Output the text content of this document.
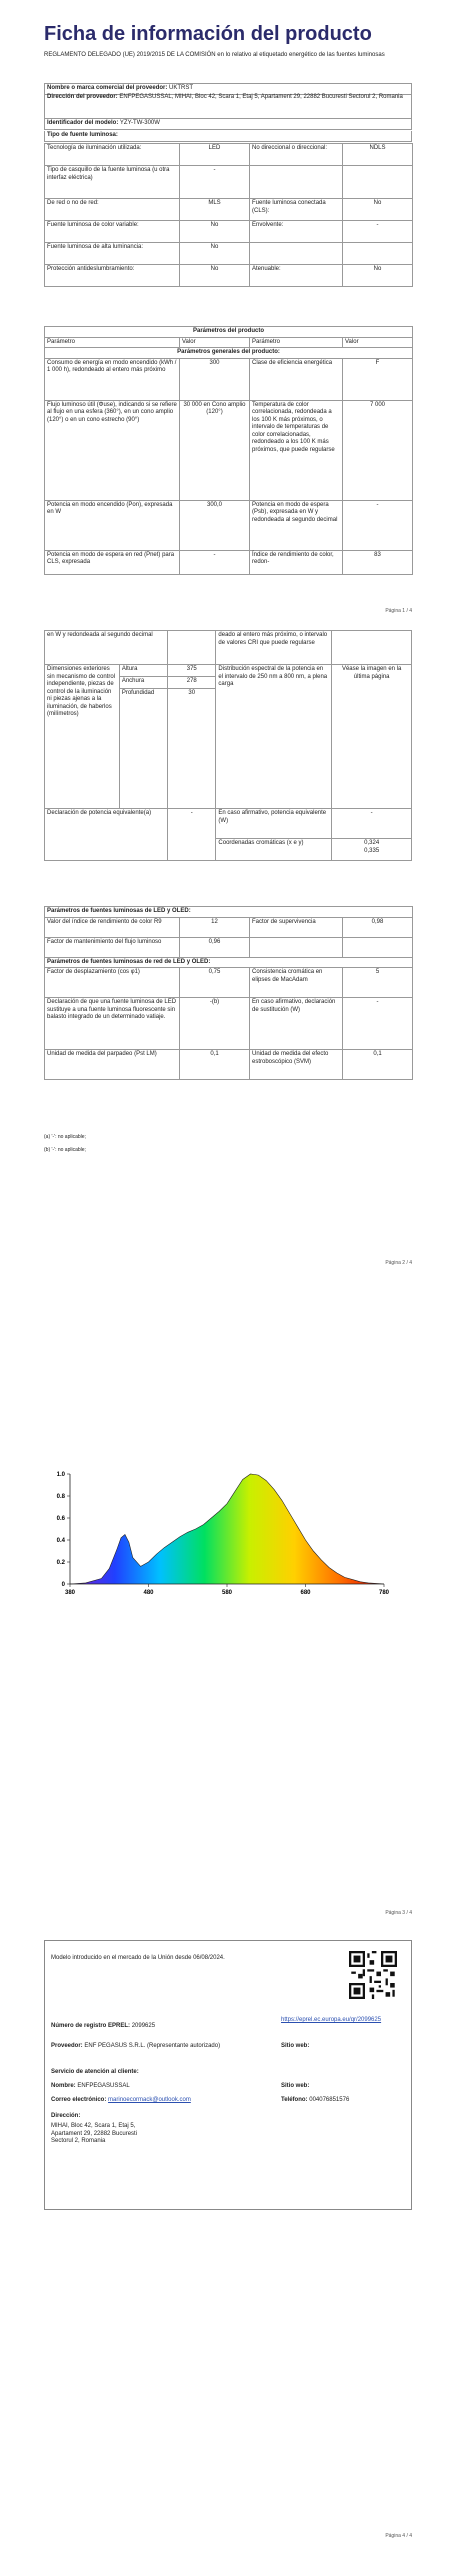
Ficha de información del producto
REGLAMENTO DELEGADO (UE) 2019/2015 DE LA COMISIÓN en lo relativo al etiquetado energético de las fuentes luminosas
Nombre o marca comercial del proveedor: UKTRST
Dirección del proveedor: ENFPEGASUSSAL, MIHAI, Bloc 42, Scara 1, Etaj 5, Apartament 29, 22882 Bucuresti Sectorul 2, Romania
Identificador del modelo: YZY-TW-300W
Tipo de fuente luminosa:
Tecnología de iluminación utilizada:	LED	No direccional o direccional:	NDLS
Tipo de casquillo de la fuente luminosa (u otra interfaz eléctrica)	-		
De red o no de red:	MLS	Fuente luminosa conectada (CLS):	No
Fuente luminosa de color variable:	No	Envolvente:	-
Fuente luminosa de alta luminancia:	No		
Protección antideslumbramiento:	No	Atenuable:	No
Parámetros del producto			
Parámetro	Valor	Parámetro	Valor
Parámetros generales del producto:			
Consumo de energía en modo encendido (kWh / 1 000 h), redondeado al entero más próximo	300	Clase de eficiencia energética	F
Flujo luminoso útil (Φuse), indicando si se refiere al flujo en una esfera (360°), en un cono amplio (120°) o en un cono estrecho (90°)	30 000 en Cono amplio (120°)	Temperatura de color correlacionada, redondeada a los 100 K más próximos, o intervalo de temperaturas de color correlacionadas, redondeado a los 100 K más próximos, que puede regularse	7 000
Potencia en modo encendido (Pon), expresada en W	300,0	Potencia en modo de espera (Psb), expresada en W y redondeada al segundo decimal	-
Potencia en modo de espera en red (Pnet) para CLS, expresada	-	Índice de rendimiento de color, redon-	83
Página 1 / 4
en W y redondeada al segundo decimal			deado al entero más próximo, o intervalo de valores CRI que puede regularse	
Dimensiones exteriores sin mecanismo de control independiente, piezas de control de la iluminación ni piezas ajenas a la iluminación, de haberlos (milímetros)	Altura	375	Distribución espectral de la potencia en el intervalo de 250 nm a 800 nm, a plena carga	Véase la imagen en la última página
	Anchura	278		
	Profundidad	30		
Declaración de potencia equivalente(a)		-	En caso afirmativo, potencia equivalente (W)	-
			Coordenadas cromáticas (x e y)	0,324
0,335
Parámetros de fuentes luminosas de LED y OLED:			
Valor del índice de rendimiento de color R9	12	Factor de supervivencia	0,98
Factor de mantenimiento del flujo luminoso	0,96		
Parámetros de fuentes luminosas de red de LED y OLED:			
Factor de desplazamiento (cos φ1)	0,75	Consistencia cromática en elipses de MacAdam	5
Declaración de que una fuente luminosa de LED sustituye a una fuente luminosa fluorescente sin balasto integrado de un determinado vatiaje.	-(b)	En caso afirmativo, declaración de sustitución (W)	-
Unidad de medida del parpadeo (Pst LM)	0,1	Unidad de medida del efecto estroboscópico (SVM)	0,1
(a) '-': no aplicable;
(b) '-': no aplicable;
Página 2 / 4
0
0.2
0.4
0.6
0.8
1.0
380	480	580	680	780
Página 3 / 4
Modelo introducido en el mercado de la Unión desde 06/08/2024.
Número de registro EPREL: 2099625
https://eprel.ec.europa.eu/qr/2099625
Proveedor: ENF PEGASUS S.R.L. (Representante autorizado)	Sitio web:
Servicio de atención al cliente:
Nombre: ENFPEGASUSSAL	Sitio web:
Correo electrónico: marinoecormack@outlook.com	Teléfono: 004076851576
Dirección:
MIHAI, Bloc 42, Scara 1, Etaj 5, Apartament 29, 22882 Bucuresti Sectorul 2, Romania
Página 4 / 4
